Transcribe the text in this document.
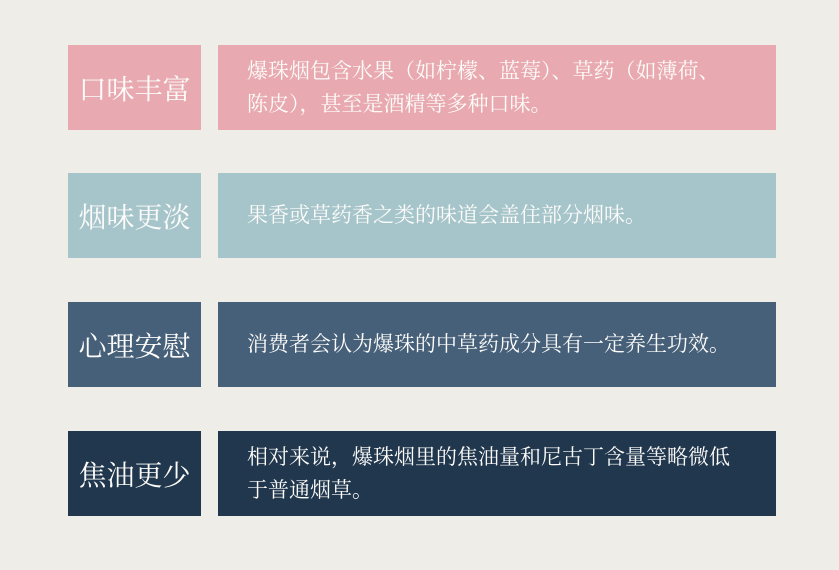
口味丰富
爆珠烟包含水果（如柠檬、蓝莓）、草药（如薄荷、陈皮），甚至是酒精等多种口味。
烟味更淡	果香或草药香之类的味道会盖住部分烟味。
心理安慰	消费者会认为爆珠的中草药成分具有一定养生功效。
焦油更少
相对来说，爆珠烟里的焦油量和尼古丁含量等略微低于普通烟草。
